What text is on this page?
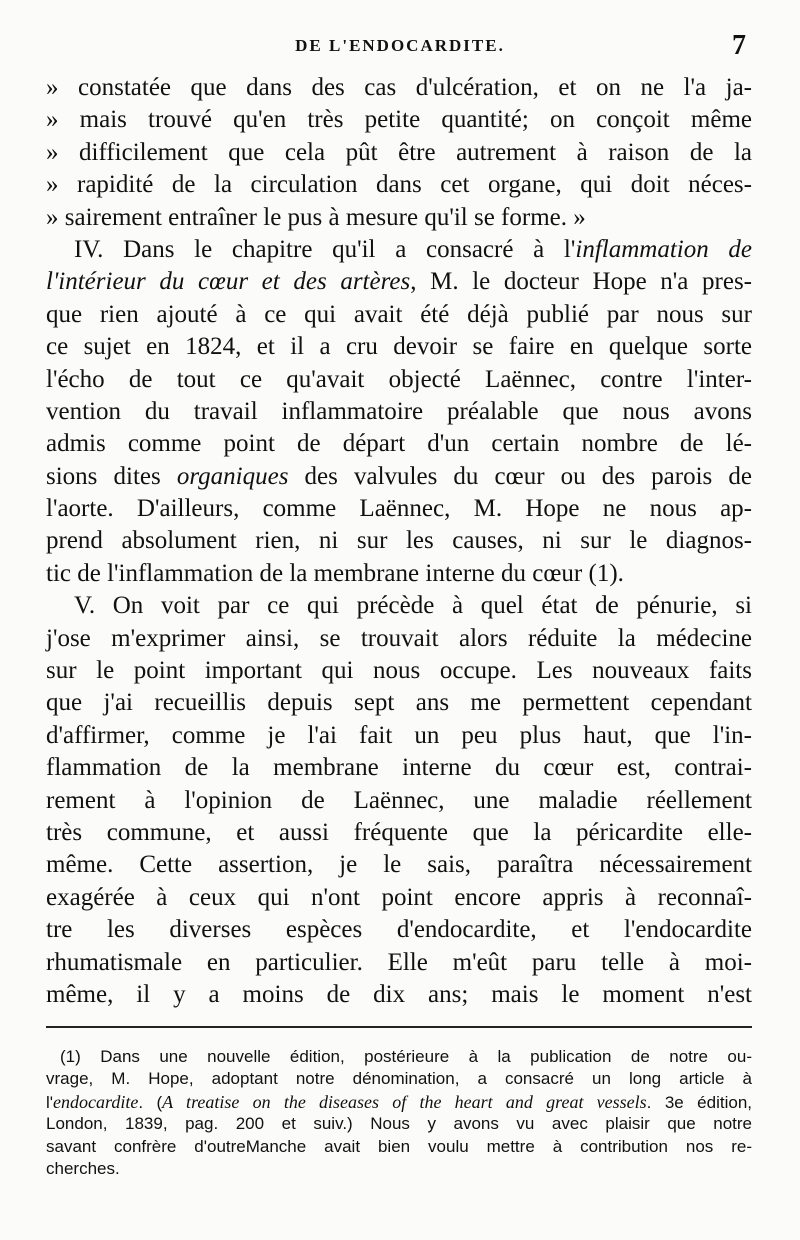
DE L'ENDOCARDITE.	7
» constatée que dans des cas d'ulcération, et on ne l'a ja-
» mais trouvé qu'en très petite quantité; on conçoit même
» difficilement que cela pût être autrement à raison de la
» rapidité de la circulation dans cet organe, qui doit néces-
» sairement entraîner le pus à mesure qu'il se forme. »
IV. Dans le chapitre qu'il a consacré à l'inflammation de
l'intérieur du cœur et des artères, M. le docteur Hope n'a pres-
que rien ajouté à ce qui avait été déjà publié par nous sur
ce sujet en 1824, et il a cru devoir se faire en quelque sorte
l'écho de tout ce qu'avait objecté Laënnec, contre l'inter-
vention du travail inflammatoire préalable que nous avons
admis comme point de départ d'un certain nombre de lé-
sions dites organiques des valvules du cœur ou des parois de
l'aorte. D'ailleurs, comme Laënnec, M. Hope ne nous ap-
prend absolument rien, ni sur les causes, ni sur le diagnos-
tic de l'inflammation de la membrane interne du cœur (1).
V. On voit par ce qui précède à quel état de pénurie, si
j'ose m'exprimer ainsi, se trouvait alors réduite la médecine
sur le point important qui nous occupe. Les nouveaux faits
que j'ai recueillis depuis sept ans me permettent cependant
d'affirmer, comme je l'ai fait un peu plus haut, que l'in-
flammation de la membrane interne du cœur est, contrai-
rement à l'opinion de Laënnec, une maladie réellement
très commune, et aussi fréquente que la péricardite elle-
même. Cette assertion, je le sais, paraîtra nécessairement
exagérée à ceux qui n'ont point encore appris à reconnaî-
tre les diverses espèces d'endocardite, et l'endocardite
rhumatismale en particulier. Elle m'eût paru telle à moi-
même, il y a moins de dix ans; mais le moment n'est
(1) Dans une nouvelle édition, postérieure à la publication de notre ou-
vrage, M. Hope, adoptant notre dénomination, a consacré un long article à
l'endocardite. (A treatise on the diseases of the heart and great vessels. 3e édition,
London, 1839, pag. 200 et suiv.) Nous y avons vu avec plaisir que notre
savant confrère d'outreManche avait bien voulu mettre à contribution nos re-
cherches.
